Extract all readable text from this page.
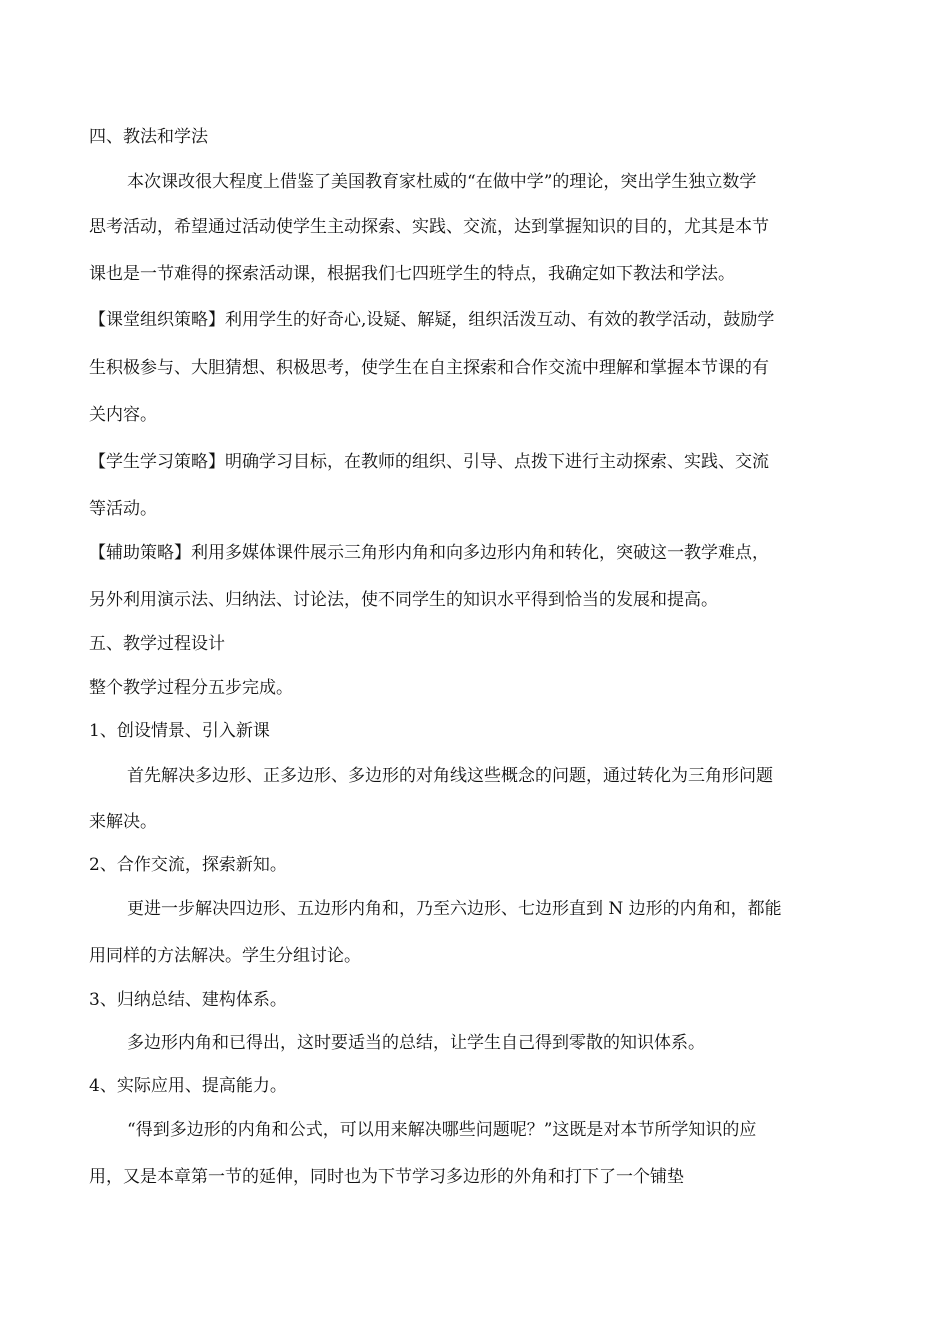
四、教法和学法
本次课改很大程度上借鉴了美国教育家杜威的“在做中学”的理论，突出学生独立数学
思考活动，希望通过活动使学生主动探索、实践、交流，达到掌握知识的目的，尤其是本节
课也是一节难得的探索活动课，根据我们七四班学生的特点，我确定如下教法和学法。
【课堂组织策略】利用学生的好奇心,设疑、解疑，组织活泼互动、有效的教学活动，鼓励学
生积极参与、大胆猜想、积极思考，使学生在自主探索和合作交流中理解和掌握本节课的有
关内容。
【学生学习策略】明确学习目标，在教师的组织、引导、点拨下进行主动探索、实践、交流
等活动。
【辅助策略】利用多媒体课件展示三角形内角和向多边形内角和转化，突破这一教学难点，
另外利用演示法、归纳法、讨论法，使不同学生的知识水平得到恰当的发展和提高。
五、教学过程设计
整个教学过程分五步完成。
1、创设情景、引入新课
首先解决多边形、正多边形、多边形的对角线这些概念的问题，通过转化为三角形问题
来解决。
2、合作交流，探索新知。
更进一步解决四边形、五边形内角和，乃至六边形、七边形直到 N 边形的内角和，都能
用同样的方法解决。学生分组讨论。
3、归纳总结、建构体系。
多边形内角和已得出，这时要适当的总结，让学生自己得到零散的知识体系。
4、实际应用、提高能力。
“得到多边形的内角和公式，可以用来解决哪些问题呢？”这既是对本节所学知识的应
用，又是本章第一节的延伸，同时也为下节学习多边形的外角和打下了一个铺垫
